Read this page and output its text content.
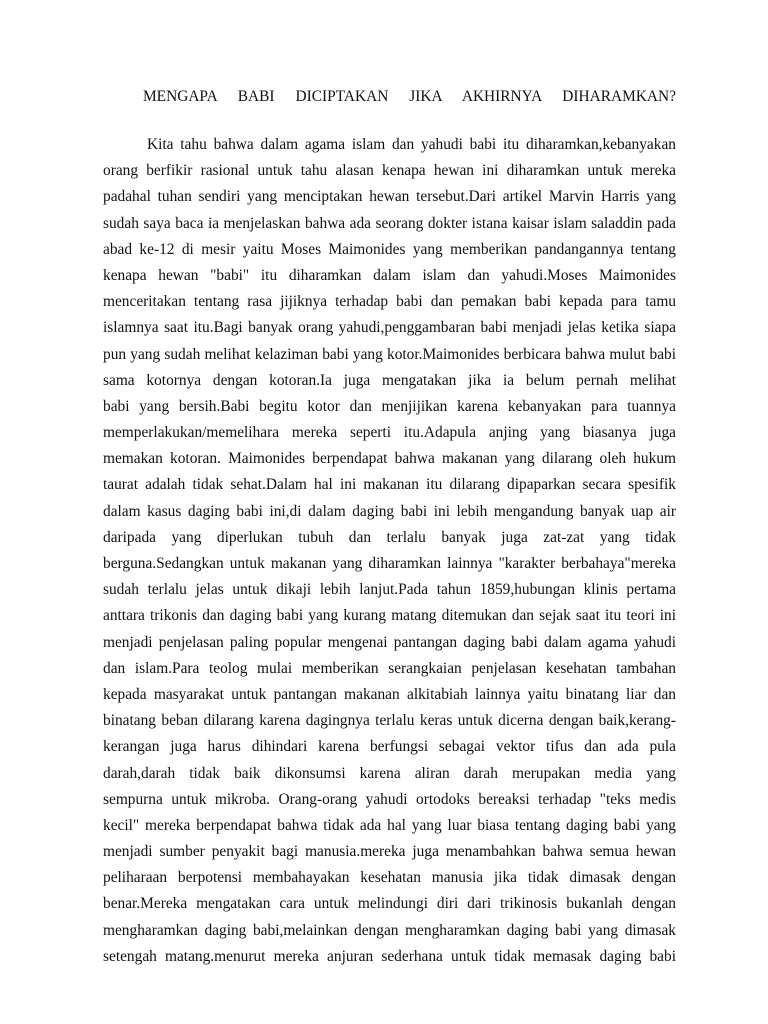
MENGAPA BABI DICIPTAKAN JIKA AKHIRNYA DIHARAMKAN?
Kita tahu bahwa dalam agama islam dan yahudi babi itu diharamkan,kebanyakan
orang berfikir rasional untuk tahu alasan kenapa hewan ini diharamkan untuk mereka
padahal tuhan sendiri yang menciptakan hewan tersebut.Dari artikel Marvin Harris yang
sudah saya baca ia menjelaskan bahwa ada seorang dokter istana kaisar islam saladdin pada
abad ke-12 di mesir yaitu Moses Maimonides yang memberikan pandangannya tentang
kenapa hewan "babi" itu diharamkan dalam islam dan yahudi.Moses Maimonides
menceritakan tentang rasa jijiknya terhadap babi dan pemakan babi kepada para tamu
islamnya saat itu.Bagi banyak orang yahudi,penggambaran babi menjadi jelas ketika siapa
pun yang sudah melihat kelaziman babi yang kotor.Maimonides berbicara bahwa mulut babi
sama kotornya dengan kotoran.Ia juga mengatakan jika ia belum pernah melihat
babi yang bersih.Babi begitu kotor dan menjijikan karena kebanyakan para tuannya
memperlakukan/memelihara mereka seperti itu.Adapula anjing yang biasanya juga
memakan kotoran. Maimonides berpendapat bahwa makanan yang dilarang oleh hukum
taurat adalah tidak sehat.Dalam hal ini makanan itu dilarang dipaparkan secara spesifik
dalam kasus daging babi ini,di dalam daging babi ini lebih mengandung banyak uap air
daripada yang diperlukan tubuh dan terlalu banyak juga zat-zat yang tidak
berguna.Sedangkan untuk makanan yang diharamkan lainnya "karakter berbahaya"mereka
sudah terlalu jelas untuk dikaji lebih lanjut.Pada tahun 1859,hubungan klinis pertama
anttara trikonis dan daging babi yang kurang matang ditemukan dan sejak saat itu teori ini
menjadi penjelasan paling popular mengenai pantangan daging babi dalam agama yahudi
dan islam.Para teolog mulai memberikan serangkaian penjelasan kesehatan tambahan
kepada masyarakat untuk pantangan makanan alkitabiah lainnya yaitu binatang liar dan
binatang beban dilarang karena dagingnya terlalu keras untuk dicerna dengan baik,kerang-
kerangan juga harus dihindari karena berfungsi sebagai vektor tifus dan ada pula
darah,darah tidak baik dikonsumsi karena aliran darah merupakan media yang
sempurna untuk mikroba. Orang-orang yahudi ortodoks bereaksi terhadap "teks medis
kecil" mereka berpendapat bahwa tidak ada hal yang luar biasa tentang daging babi yang
menjadi sumber penyakit bagi manusia.mereka juga menambahkan bahwa semua hewan
peliharaan berpotensi membahayakan kesehatan manusia jika tidak dimasak dengan
benar.Mereka mengatakan cara untuk melindungi diri dari trikinosis bukanlah dengan
mengharamkan daging babi,melainkan dengan mengharamkan daging babi yang dimasak
setengah matang.menurut mereka anjuran sederhana untuk tidak memasak daging babi
